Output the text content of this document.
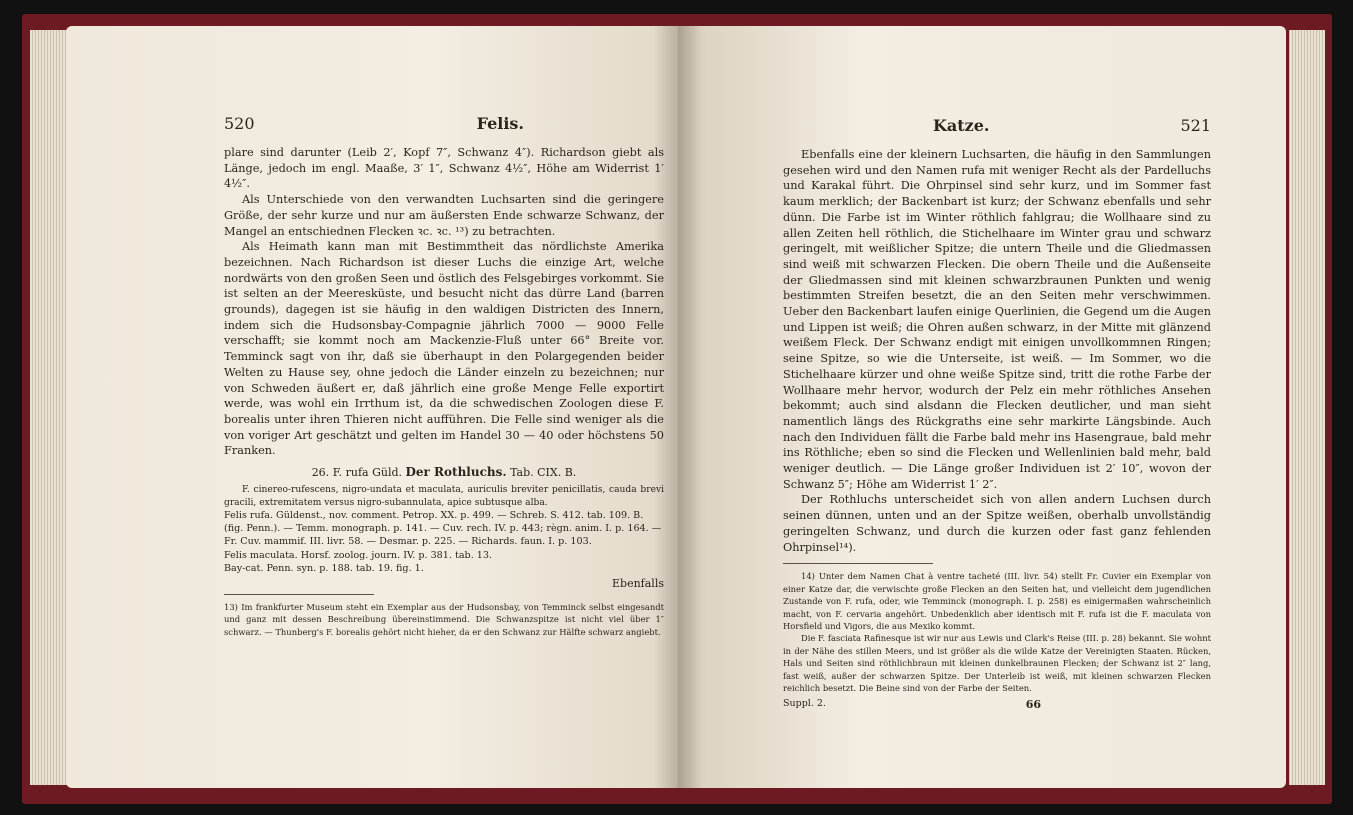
520	Felis.

plare sind darunter (Leib 2′, Kopf 7″, Schwanz 4″). Richardson giebt als Länge, jedoch im engl. Maaße, 3′ 1″, Schwanz 4½″, Höhe am Widerrist 1′ 4½″.

Als Unterschiede von den verwandten Luchsarten sind die geringere Größe, der sehr kurze und nur am äußersten Ende schwarze Schwanz, der Mangel an entschiednen Flecken ꝛc. ꝛc. ¹³) zu betrachten.

Als Heimath kann man mit Bestimmtheit das nördlichste Amerika bezeichnen. Nach Richardson ist dieser Luchs die einzige Art, welche nordwärts von den großen Seen und östlich des Felsgebirges vorkommt. Sie ist selten an der Meeresküste, und besucht nicht das dürre Land (barren grounds), dagegen ist sie häufig in den waldigen Districten des Innern, indem sich die Hudsonsbay-Compagnie jährlich 7000 — 9000 Felle verschafft; sie kommt noch am Mackenzie-Fluß unter 66° Breite vor. Temminck sagt von ihr, daß sie überhaupt in den Polargegenden beider Welten zu Hause sey, ohne jedoch die Länder einzeln zu bezeichnen; nur von Schweden äußert er, daß jährlich eine große Menge Felle exportirt werde, was wohl ein Irrthum ist, da die schwedischen Zoologen diese F. borealis unter ihren Thieren nicht aufführen. Die Felle sind weniger als die von voriger Art geschätzt und gelten im Handel 30 — 40 oder höchstens 50 Franken.

26. F. rufa Güld. Der Rothluchs. Tab. CIX. B.

F. cinereo-rufescens, nigro-undata et maculata, auriculis breviter penicillatis, cauda brevi gracili, extremitatem versus nigro-subannulata, apice subtusque alba.

Felis rufa. Güldenst., nov. comment. Petrop. XX. p. 499. — Schreb. S. 412. tab. 109. B. (fig. Penn.). — Temm. monograph. p. 141. — Cuv. rech. IV. p. 443; règn. anim. I. p. 164. — Fr. Cuv. mammif. III. livr. 58. — Desmar. p. 225. — Richards. faun. I. p. 103.

Felis maculata. Horsf. zoolog. journ. IV. p. 381. tab. 13.

Bay-cat. Penn. syn. p. 188. tab. 19. fig. 1.

Ebenfalls

13) Im frankfurter Museum steht ein Exemplar aus der Hudsonsbay, von Temminck selbst eingesandt und ganz mit dessen Beschreibung übereinstimmend. Die Schwanzspitze ist nicht viel über 1″ schwarz. — Thunberg's F. borealis gehört nicht hieher, da er den Schwanz zur Hälfte schwarz angiebt.

Katze.	521

Ebenfalls eine der kleinern Luchsarten, die häufig in den Sammlungen gesehen wird und den Namen rufa mit weniger Recht als der Pardelluchs und Karakal führt. Die Ohrpinsel sind sehr kurz, und im Sommer fast kaum merklich; der Backenbart ist kurz; der Schwanz ebenfalls und sehr dünn. Die Farbe ist im Winter röthlich fahlgrau; die Wollhaare sind zu allen Zeiten hell röthlich, die Stichelhaare im Winter grau und schwarz geringelt, mit weißlicher Spitze; die untern Theile und die Gliedmassen sind weiß mit schwarzen Flecken. Die obern Theile und die Außenseite der Gliedmassen sind mit kleinen schwarzbraunen Punkten und wenig bestimmten Streifen besetzt, die an den Seiten mehr verschwimmen. Ueber den Backenbart laufen einige Querlinien, die Gegend um die Augen und Lippen ist weiß; die Ohren außen schwarz, in der Mitte mit glänzend weißem Fleck. Der Schwanz endigt mit einigen unvollkommnen Ringen; seine Spitze, so wie die Unterseite, ist weiß. — Im Sommer, wo die Stichelhaare kürzer und ohne weiße Spitze sind, tritt die rothe Farbe der Wollhaare mehr hervor, wodurch der Pelz ein mehr röthliches Ansehen bekommt; auch sind alsdann die Flecken deutlicher, und man sieht namentlich längs des Rückgraths eine sehr markirte Längsbinde. Auch nach den Individuen fällt die Farbe bald mehr ins Hasengraue, bald mehr ins Röthliche; eben so sind die Flecken und Wellenlinien bald mehr, bald weniger deutlich. — Die Länge großer Individuen ist 2′ 10″, wovon der Schwanz 5″; Höhe am Widerrist 1′ 2″.

Der Rothluchs unterscheidet sich von allen andern Luchsen durch seinen dünnen, unten und an der Spitze weißen, oberhalb unvollständig geringelten Schwanz, und durch die kurzen oder fast ganz fehlenden Ohrpinsel¹⁴).

14) Unter dem Namen Chat à ventre tacheté (III. livr. 54) stellt Fr. Cuvier ein Exemplar von einer Katze dar, die verwischte große Flecken an den Seiten hat, und vielleicht dem jugendlichen Zustande von F. rufa, oder, wie Temminck (monograph. I. p. 258) es einigermaßen wahrscheinlich macht, von F. cervaria angehört. Unbedenklich aber identisch mit F. rufa ist die F. maculata von Horsfield und Vigors, die aus Mexiko kommt.

Die F. fasciata Rafinesque ist wir nur aus Lewis und Clark's Reise (III. p. 28) bekannt. Sie wohnt in der Nähe des stillen Meers, und ist größer als die wilde Katze der Vereinigten Staaten. Rücken, Hals und Seiten sind röthlichbraun mit kleinen dunkelbraunen Flecken; der Schwanz ist 2″ lang, fast weiß, außer der schwarzen Spitze. Der Unterleib ist weiß, mit kleinen schwarzen Flecken reichlich besetzt. Die Beine sind von der Farbe der Seiten.

Suppl. 2.	66
